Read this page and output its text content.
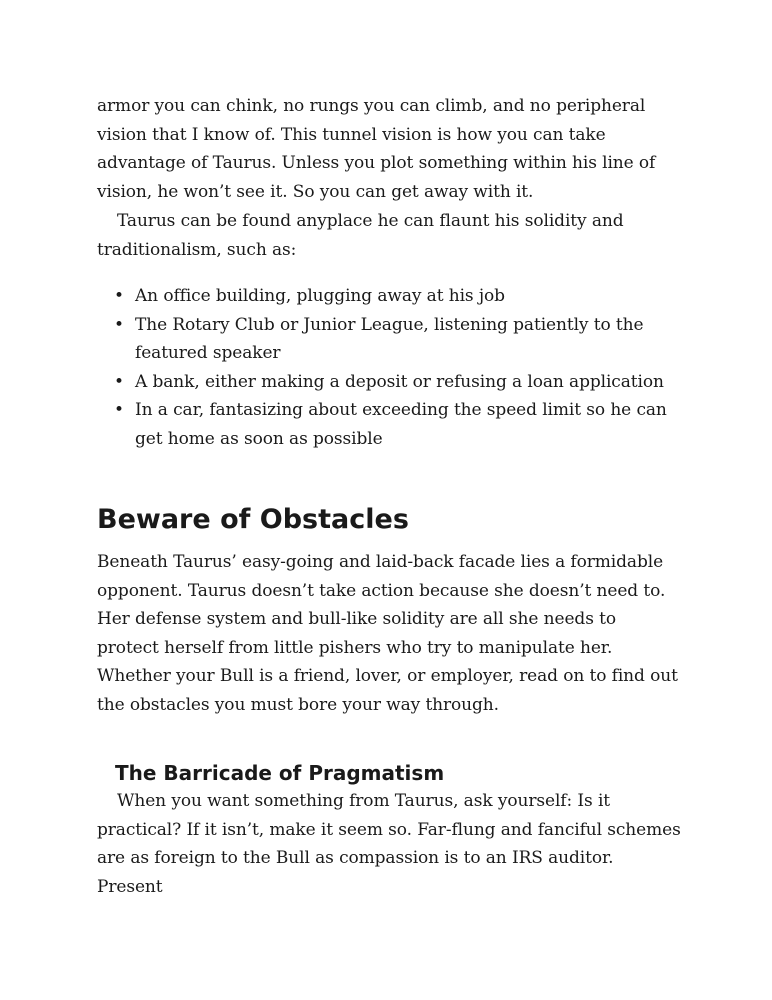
armor you can chink, no rungs you can climb, and no peripheral vision that I know of. This tunnel vision is how you can take advantage of Taurus. Unless you plot something within his line of vision, he won’t see it. So you can get away with it.

Taurus can be found anyplace he can flaunt his solidity and traditionalism, such as:

• An office building, plugging away at his job
• The Rotary Club or Junior League, listening patiently to the featured speaker
• A bank, either making a deposit or refusing a loan application
• In a car, fantasizing about exceeding the speed limit so he can get home as soon as possible
Beware of Obstacles

Beneath Taurus’ easy-going and laid-back facade lies a formidable opponent. Taurus doesn’t take action because she doesn’t need to. Her defense system and bull-like solidity are all she needs to protect herself from little pishers who try to manipulate her. Whether your Bull is a friend, lover, or employer, read on to find out the obstacles you must bore your way through.

The Barricade of Pragmatism

When you want something from Taurus, ask yourself: Is it practical? If it isn’t, make it seem so. Far-flung and fanciful schemes are as foreign to the Bull as compassion is to an IRS auditor. Present
